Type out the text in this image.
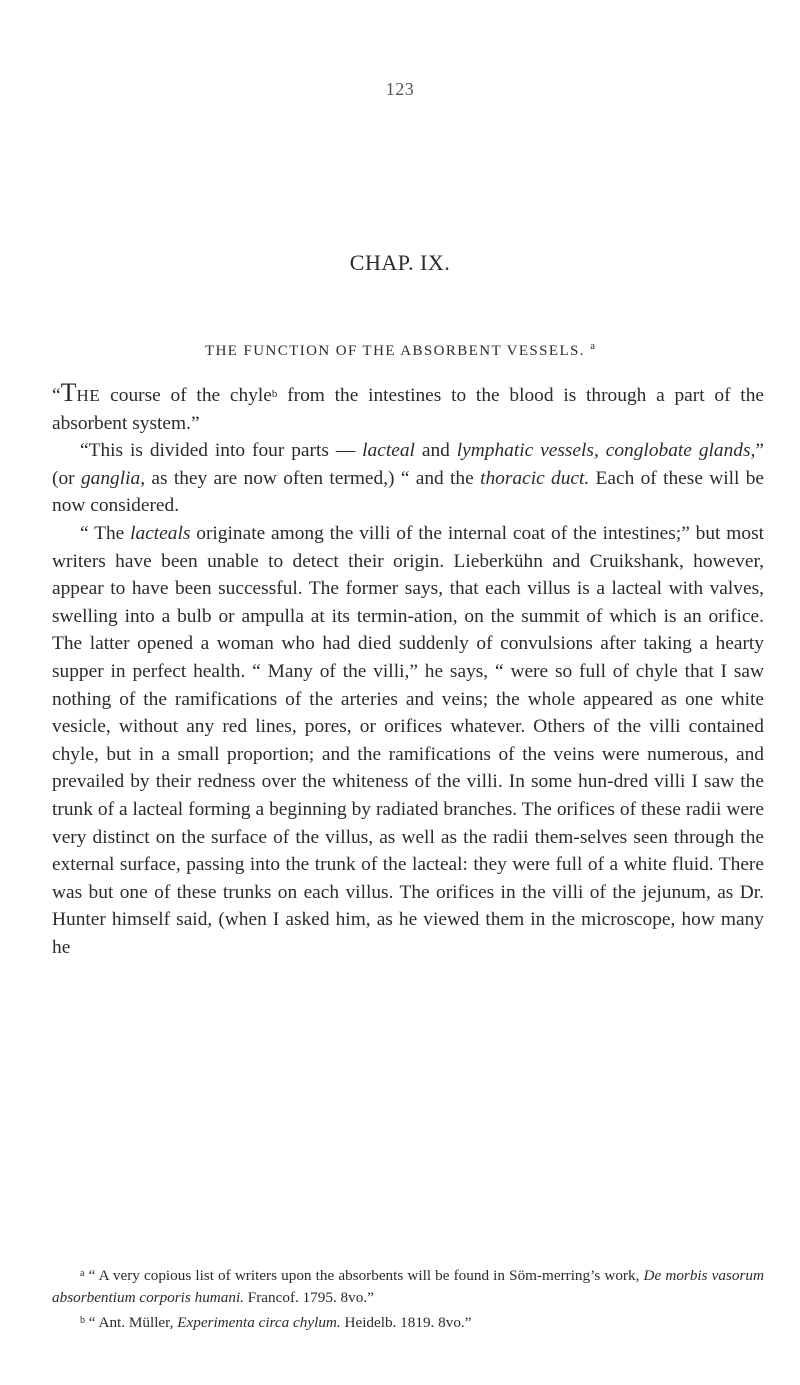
123
CHAP. IX.
THE FUNCTION OF THE ABSORBENT VESSELS. $^a$

“THE course of the chyle$^b$ from the intestines to the blood is through a part of the absorbent system.”

“This is divided into four parts — lacteal and lymphatic vessels, conglobate glands,” (or ganglia, as they are now often termed,) “ and the thoracic duct. Each of these will be now considered.

“ The lacteals originate among the villi of the internal coat of the intestines;” but most writers have been unable to detect their origin. Lieberkühn and Cruikshank, however, appear to have been successful. The former says, that each villus is a lacteal with valves, swelling into a bulb or ampulla at its termin-ation, on the summit of which is an orifice. The latter opened a woman who had died suddenly of convulsions after taking a hearty supper in perfect health. “ Many of the villi,” he says, “ were so full of chyle that I saw nothing of the ramifications of the arteries and veins; the whole appeared as one white vesicle, without any red lines, pores, or orifices whatever. Others of the villi contained chyle, but in a small proportion; and the ramifications of the veins were numerous, and prevailed by their redness over the whiteness of the villi. In some hun-dred villi I saw the trunk of a lacteal forming a beginning by radiated branches. The orifices of these radii were very distinct on the surface of the villus, as well as the radii them-selves seen through the external surface, passing into the trunk of the lacteal: they were full of a white fluid. There was but one of these trunks on each villus. The orifices in the villi of the jejunum, as Dr. Hunter himself said, (when I asked him, as he viewed them in the microscope, how many he

$^a$ “ A very copious list of writers upon the absorbents will be found in Söm-merring’s work, De morbis vasorum absorbentium corporis humani. Francof. 1795. 8vo.”

$^b$ “ Ant. Müller, Experimenta circa chylum. Heidelb. 1819. 8vo.”
